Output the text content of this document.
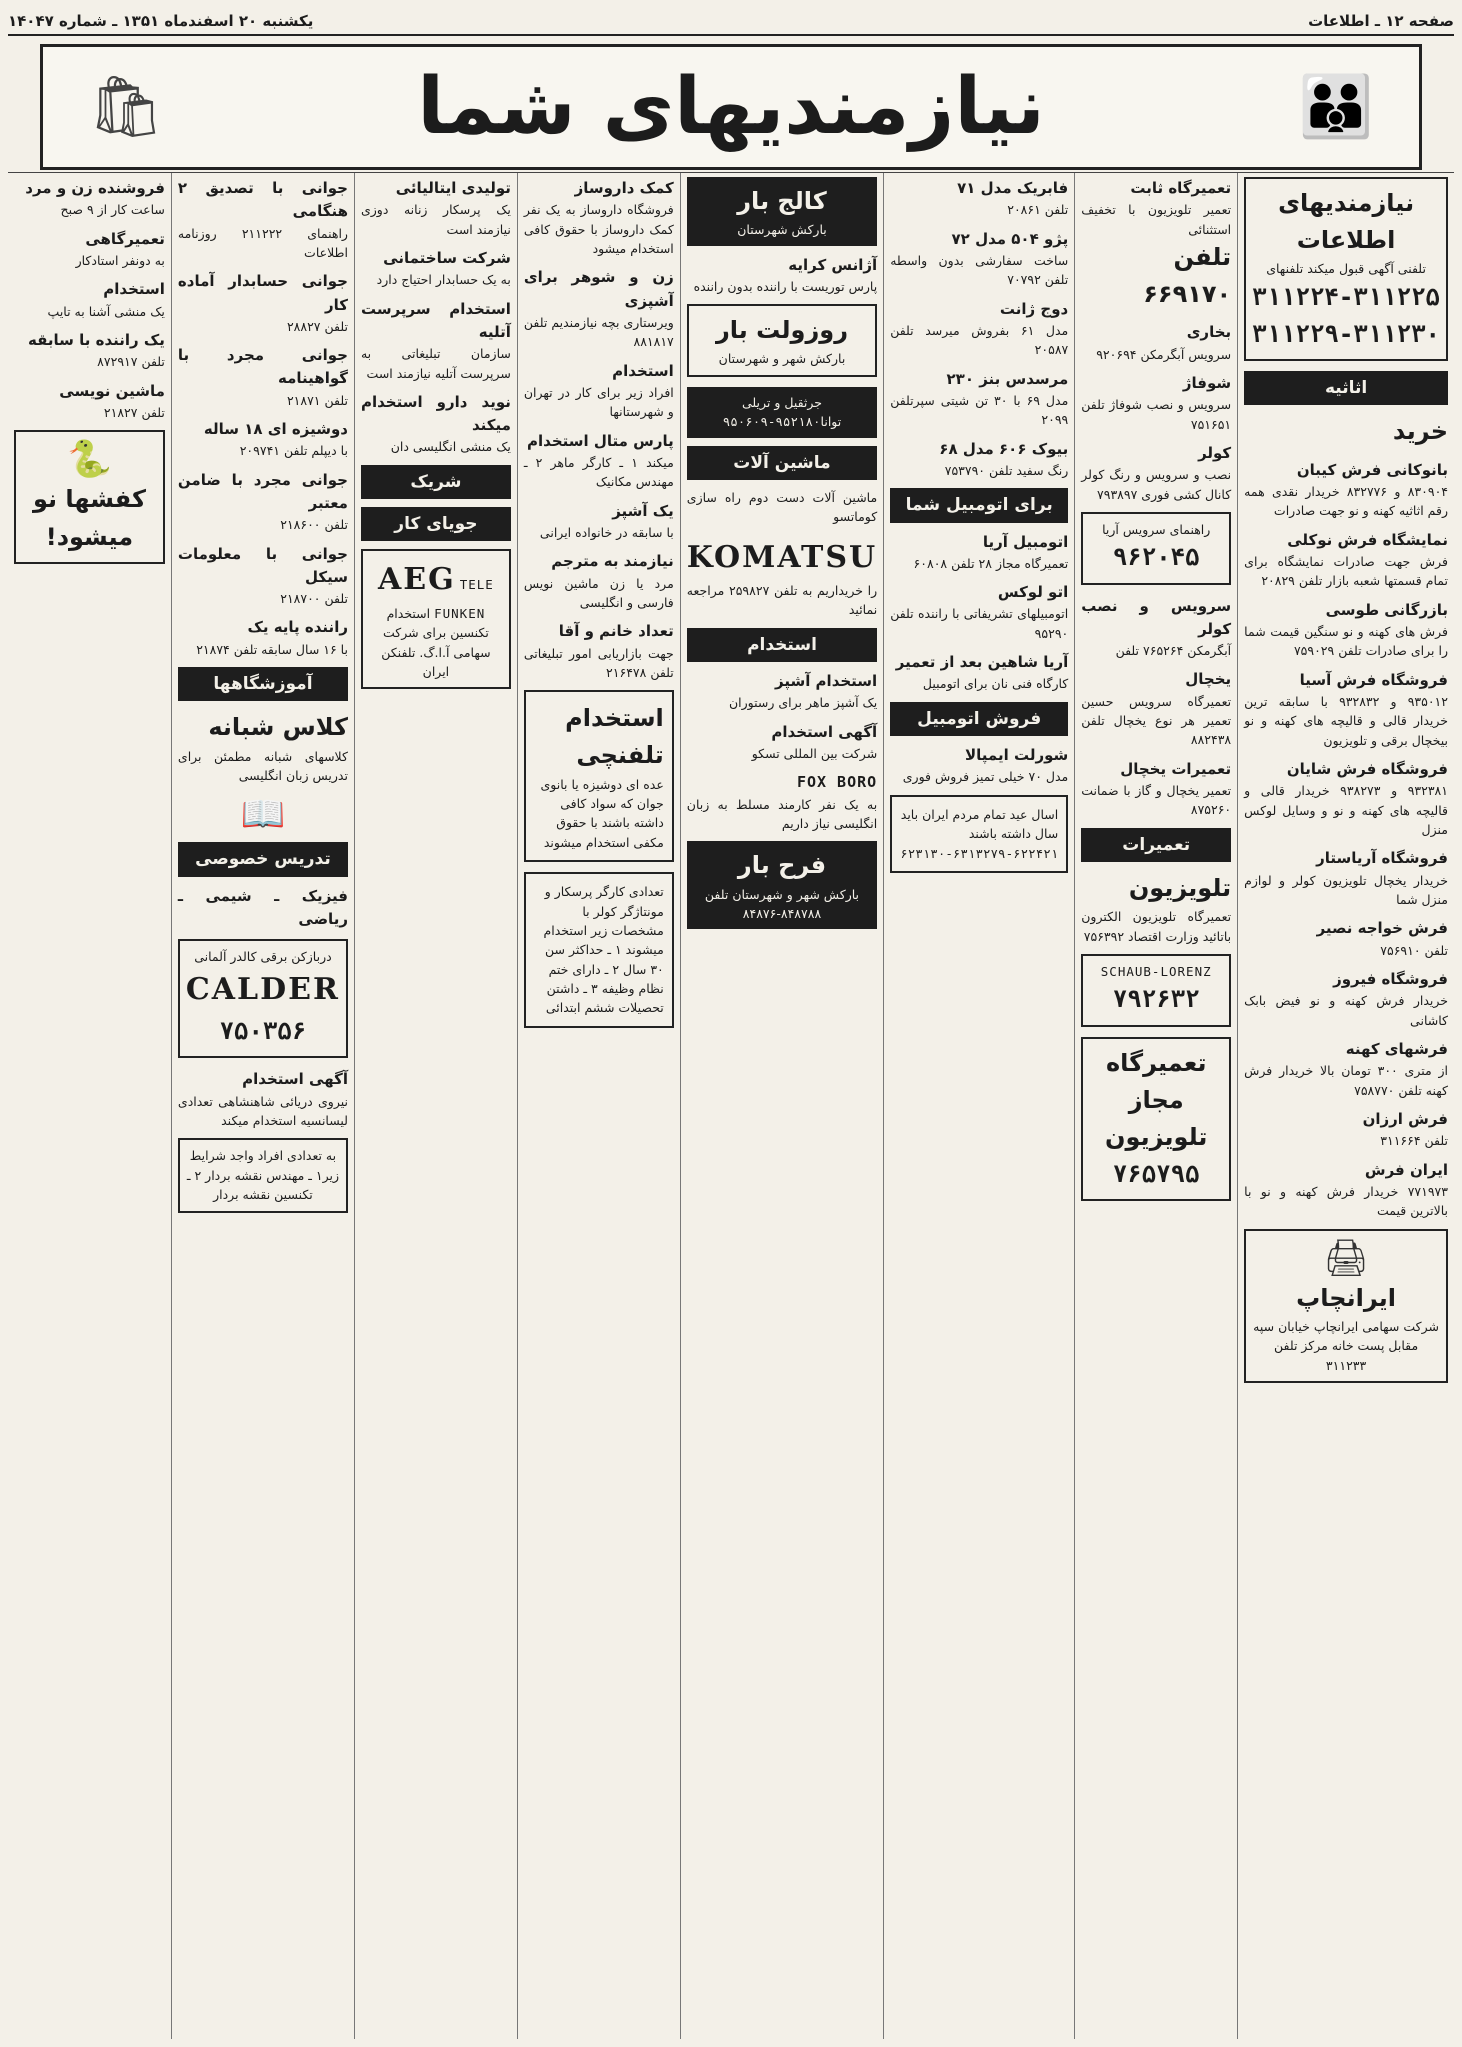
صفحه ۱۲ ـ اطلاعات
یکشنبه ۲۰ اسفندماه ۱۳۵۱ ـ شماره ۱۴۰۴۷
👪
نیازمندیهای شما
🛍
نیازمندیهای اطلاعات
تلفنی آگهی قبول میکند تلفنهای
۳۱۱۲۲۴-۳۱۱۲۲۵
۳۱۱۲۲۹-۳۱۱۲۳۰
اثاثیه
خرید
بانوکانی فرش کیبان
۸۳۰۹۰۴ و ۸۳۲۷۷۶ خریدار نقدی همه رقم اثاثیه کهنه و نو جهت صادرات
نمایشگاه فرش نوکلی
فرش جهت صادرات نمایشگاه برای تمام قسمتها شعبه بازار تلفن ۲۰۸۲۹
بازرگانی طوسی
فرش های کهنه و نو سنگین قیمت شما را برای صادرات تلفن ۷۵۹۰۲۹
فروشگاه فرش آسیا
۹۳۵۰۱۲ و ۹۳۲۸۳۲ با سابقه ترین خریدار قالی و قالیچه های کهنه و نو بیخچال برقی و تلویزیون
فروشگاه فرش شایان
۹۳۲۳۸۱ و ۹۳۸۲۷۳ خریدار قالی و قالیچه های کهنه و نو و وسایل لوکس منزل
فروشگاه آریاستار
خریدار یخچال تلویزیون کولر و لوازم منزل شما
فرش خواجه نصیر
تلفن ۷۵۶۹۱۰
فروشگاه فیروز
خریدار فرش کهنه و نو فیض بابک کاشانی
فرشهای کهنه
از متری ۳۰۰ تومان بالا خریدار فرش کهنه تلفن ۷۵۸۷۷۰
فرش ارزان
تلفن ۳۱۱۶۶۴
ایران فرش
۷۷۱۹۷۳ خریدار فرش کهنه و نو با بالاترین قیمت
🖨
ایرانچاپ
شرکت سهامی ایرانچاپ خیابان سپه مقابل پست خانه مرکز تلفن ۳۱۱۲۳۳
تعمیرگاه ثابت
تعمیر تلویزیون با تخفیف استثنائی
تلفن ۶۶۹۱۷۰
بخاری
سرویس آبگرمکن ۹۲۰۶۹۴
شوفاژ
سرویس و نصب شوفاژ تلفن ۷۵۱۶۵۱
کولر
نصب و سرویس و رنگ کولر کانال کشی فوری ۷۹۳۸۹۷
راهنمای سرویس آریا
۹۶۲۰۴۵
سرویس و نصب کولر
آبگرمکن ۷۶۵۲۶۴ تلفن
یخچال
تعمیرگاه سرویس حسین تعمیر هر نوع یخچال تلفن ۸۸۲۴۳۸
تعمیرات یخچال
تعمیر یخچال و گاز با ضمانت ۸۷۵۲۶۰
تعمیرات
تلویزیون
تعمیرگاه تلویزیون الکترون باتائید وزارت اقتصاد ۷۵۶۳۹۲
SCHAUB-LORENZ
۷۹۲۶۳۲
تعمیرگاه مجاز تلویزیون
۷۶۵۷۹۵
فابریک مدل ۷۱
تلفن ۲۰۸۶۱
پژو ۵۰۴ مدل ۷۲
ساخت سفارشی بدون واسطه تلفن ۷۰۷۹۲
دوج ژانت
مدل ۶۱ بفروش میرسد تلفن ۲۰۵۸۷
مرسدس بنز ۲۳۰
مدل ۶۹ با ۳۰ تن شیتی سپرتلفن ۲۰۹۹
بیوک ۶۰۶ مدل ۶۸
رنگ سفید تلفن ۷۵۳۷۹۰
برای اتومبیل شما
اتومبیل آریا
تعمیرگاه مجاز ۲۸ تلفن ۶۰۸۰۸
اتو لوکس
اتومبیلهای تشریفاتی با راننده تلفن ۹۵۲۹۰
آریا شاهین بعد از تعمیر
کارگاه فنی نان برای اتومبیل
فروش اتومبیل
شورلت ایمپالا
مدل ۷۰ خیلی تمیز فروش فوری
اسال عید تمام مردم ایران باید سال داشته باشند ۶۲۲۴۲۱-۶۳۱۳۲۷۹-۶۲۳۱۳۰
کالج بار
بارکش شهرستان
آژانس کرایه
پارس توریست با راننده بدون راننده
روزولت بار
بارکش شهر و شهرستان
جرثقیل و تریلی توانا۹۵۲۱۸۰-۹۵۰۶۰۹
ماشین آلات
ماشین آلات دست دوم راه سازی کوماتسو
KOMATSU
را خریداریم به تلفن ۲۵۹۸۲۷ مراجعه نمائید
استخدام
استخدام آشپز
یک آشپز ماهر برای رستوران
آگهی استخدام
شرکت بین المللی تسکو
FOX BORO
به یک نفر کارمند مسلط به زبان انگلیسی نیاز داریم
فرح بار
بارکش شهر و شهرستان تلفن ۸۴۸۷۸۸-۸۴۸۷۶
کمک داروساز
فروشگاه داروساز به یک نفر کمک داروساز با حقوق کافی استخدام میشود
زن و شوهر برای آشپزی
ویرستاری بچه نیازمندیم تلفن ۸۸۱۸۱۷
استخدام
افراد زیر برای کار در تهران و شهرستانها
پارس متال استخدام
میکند ۱ ـ کارگر ماهر ۲ ـ مهندس مکانیک
یک آشپز
با سابقه در خانواده ایرانی
نیازمند به مترجم
مرد یا زن ماشین نویس فارسی و انگلیسی
تعداد خانم و آقا
جهت بازاریابی امور تبلیغاتی تلفن ۲۱۶۴۷۸
استخدام تلفنچی
عده ای دوشیزه یا بانوی جوان که سواد کافی داشته باشند با حقوق مکفی استخدام میشوند
تعدادی کارگر پرسکار و مونتاژگر کولر با مشخصات زیر استخدام میشوند ۱ ـ حداکثر سن ۳۰ سال ۲ ـ دارای ختم نظام وظیفه ۳ ـ داشتن تحصیلات ششم ابتدائی
تولیدی ایتالیائی
یک پرسکار زنانه دوزی نیازمند است
شرکت ساختمانی
به یک حسابدار احتیاج دارد
استخدام سرپرست آتلیه
سازمان تبلیغاتی به سرپرست آتلیه نیازمند است
نوید دارو استخدام میکند
یک منشی انگلیسی دان
شریک
جویای کار
AEG TELE FUNKEN استخدام تکنسین برای شرکت سهامی آ.ا.گ. تلفنکن ایران
جوانی با تصدیق ۲ هنگامی
راهنمای ۲۱۱۲۲۲ روزنامه اطلاعات
جوانی حسابدار آماده کار
تلفن ۲۸۸۲۷
جوانی مجرد با گواهینامه
تلفن ۲۱۸۷۱
دوشیزه ای ۱۸ ساله
با دیپلم تلفن ۲۰۹۷۴۱
جوانی مجرد با ضامن معتبر
تلفن ۲۱۸۶۰۰
جوانی با معلومات سیکل
تلفن ۲۱۸۷۰۰
راننده پایه یک
با ۱۶ سال سابقه تلفن ۲۱۸۷۴
آموزشگاهها
کلاس شبانه
کلاسهای شبانه مطمئن برای تدریس زبان انگلیسی
📖
تدریس خصوصی
فیزیک ـ شیمی ـ ریاضی
دربازکن برقی کالدر آلمانی CALDER
۷۵۰۳۵۶
آگهی استخدام
نیروی دریائی شاهنشاهی تعدادی لیسانسیه استخدام میکند
به تعدادی افراد واجد شرایط زیر۱ ـ مهندس نقشه بردار ۲ ـ تکنسین نقشه بردار
فروشنده زن و مرد
ساعت کار از ۹ صبح
تعمیرگاهی
به دونفر استادکار
استخدام
یک منشی آشنا به تایپ
یک راننده با سابقه
تلفن ۸۷۲۹۱۷
ماشین نویسی
تلفن ۲۱۸۲۷
🐍
کفشها نو میشود!
